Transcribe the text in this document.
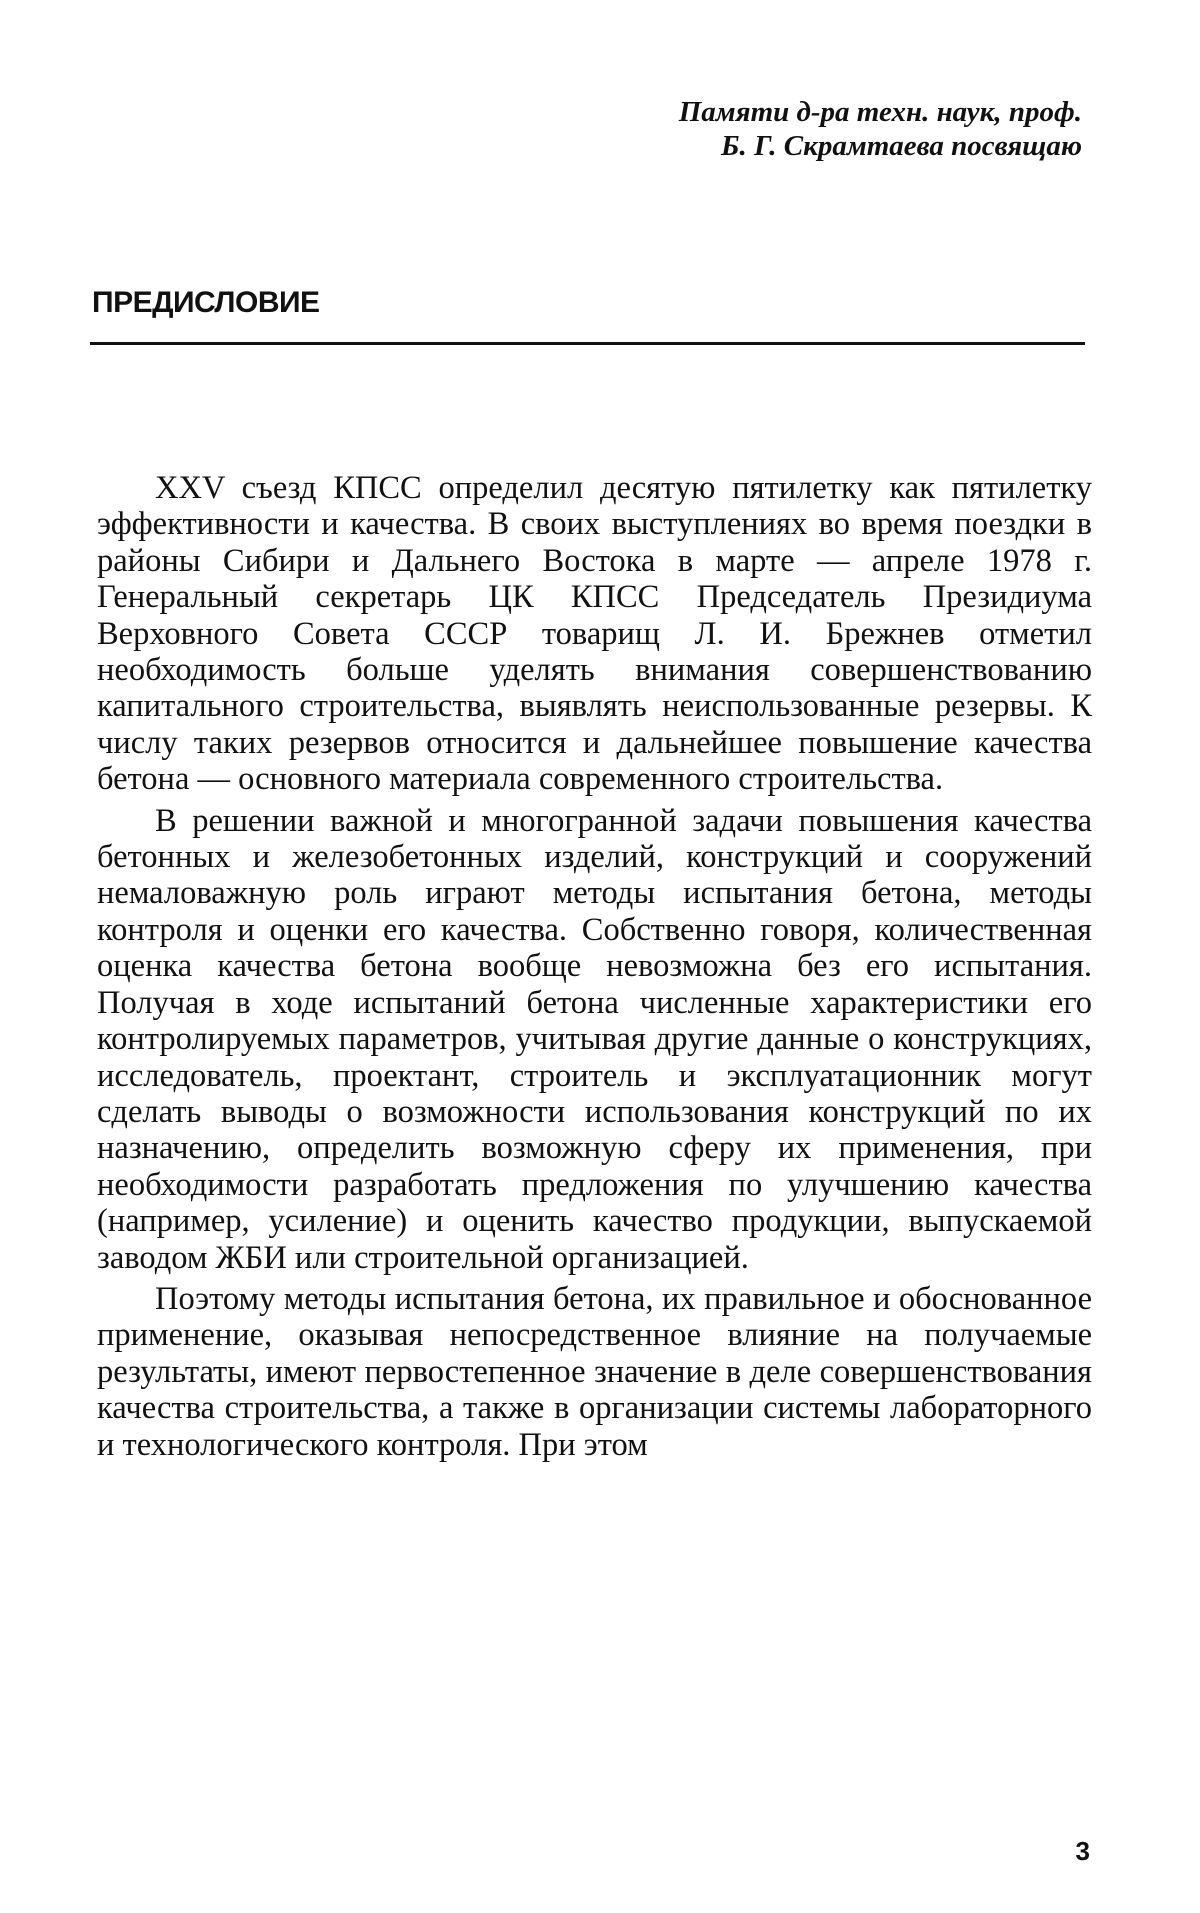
Памяти д-ра техн. наук, проф.
Б. Г. Скрамтаева посвящаю
ПРЕДИСЛОВИЕ

XXV съезд КПСС определил десятую пятилетку как пятилетку эффективности и качества. В своих выступлениях во время поездки в районы Сибири и Дальнего Востока в марте — апреле 1978 г. Генеральный секретарь ЦК КПСС Председатель Президиума Верховного Совета СССР товарищ Л. И. Брежнев отметил необходимость больше уделять внимания совершенствованию капитального строительства, выявлять неиспользованные резервы. К числу таких резервов относится и дальнейшее повышение качества бетона — основного материала современного строительства.

В решении важной и многогранной задачи повышения качества бетонных и железобетонных изделий, конструкций и сооружений немаловажную роль играют методы испытания бетона, методы контроля и оценки его качества. Собственно говоря, количественная оценка качества бетона вообще невозможна без его испытания. Получая в ходе испытаний бетона численные характеристики его контролируемых параметров, учитывая другие данные о конструкциях, исследователь, проектант, строитель и эксплуатационник могут сделать выводы о возможности использования конструкций по их назначению, определить возможную сферу их применения, при необходимости разработать предложения по улучшению качества (например, усиление) и оценить качество продукции, выпускаемой заводом ЖБИ или строительной организацией.

Поэтому методы испытания бетона, их правильное и обоснованное применение, оказывая непосредственное влияние на получаемые результаты, имеют первостепенное значение в деле совершенствования качества строительства, а также в организации системы лабораторного и технологического контроля. При этом

3
